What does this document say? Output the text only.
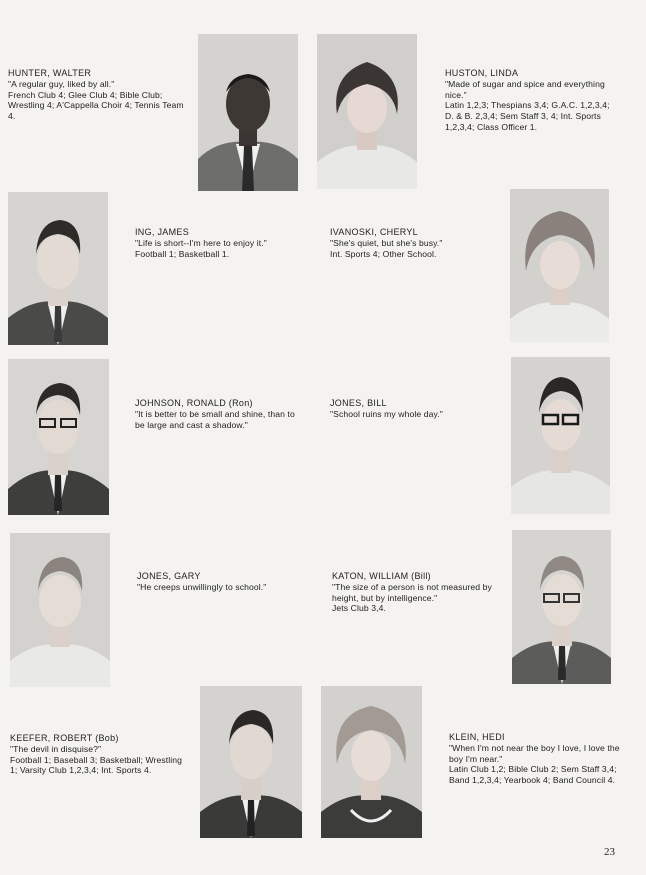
HUNTER, WALTER
"A regular guy, liked by all."
French Club 4; Glee Club 4; Bible Club; Wrestling 4; A'Cappella Choir 4; Tennis Team 4.
HUSTON, LINDA
"Made of sugar and spice and everything nice."
Latin 1,2,3; Thespians 3,4; G.A.C. 1,2,3,4; D. & B. 2,3,4; Sem Staff 3, 4; Int. Sports 1,2,3,4; Class Officer 1.
ING, JAMES
"Life is short--I'm here to enjoy it."
Football 1; Basketball 1.
IVANOSKI, CHERYL
"She's quiet, but she's busy."
Int. Sports 4; Other School.
JOHNSON, RONALD (Ron)
"It is better to be small and shine, than to be large and cast a shadow."
JONES, BILL
"School ruins my whole day."
JONES, GARY
"He creeps unwillingly to school."
KATON, WILLIAM (Bill)
"The size of a person is not measured by height, but by intelligence."
Jets Club 3,4.
KEEFER, ROBERT (Bob)
"The devil in disquise?"
Football 1; Baseball 3; Basketball; Wrestling 1; Varsity Club 1,2,3,4; Int. Sports 4.
KLEIN, HEDI
"When I'm not near the boy I love, I love the boy I'm near."
Latin Club 1,2; Bible Club 2; Sem Staff 3,4; Band 1,2,3,4; Yearbook 4; Band Council 4.
23
